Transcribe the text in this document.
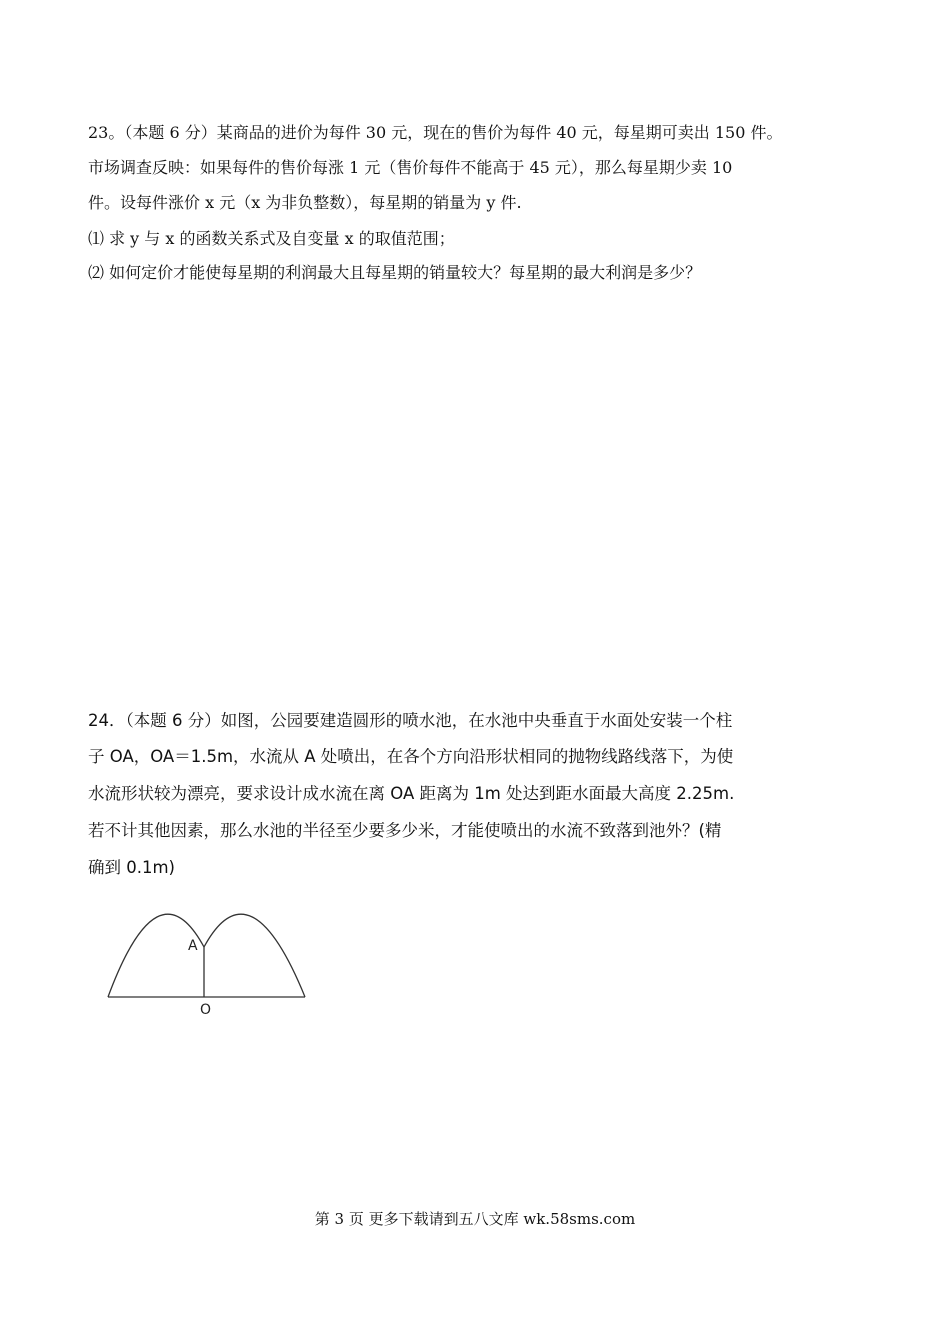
23。（本题 6 分）某商品的进价为每件 30 元，现在的售价为每件 40 元，每星期可卖出 150 件。
市场调查反映：如果每件的售价每涨 1 元（售价每件不能高于 45 元），那么每星期少卖 10
件。设每件涨价 x 元（x 为非负整数），每星期的销量为 y 件.
⑴ 求 y 与 x 的函数关系式及自变量 x 的取值范围；
⑵ 如何定价才能使每星期的利润最大且每星期的销量较大？每星期的最大利润是多少？
24．（本题 6 分）如图，公园要建造圆形的喷水池，在水池中央垂直于水面处安装一个柱
子 OA，OA＝1.5m，水流从 A 处喷出，在各个方向沿形状相同的抛物线路线落下，为使
水流形状较为漂亮，要求设计成水流在离 OA 距离为 1m 处达到距水面最大高度 2.25m.
若不计其他因素，那么水池的半径至少要多少米，才能使喷出的水流不致落到池外？(精
确到 0.1m)
A
O
第 3 页 更多下载请到五八文库 wk.58sms.com
